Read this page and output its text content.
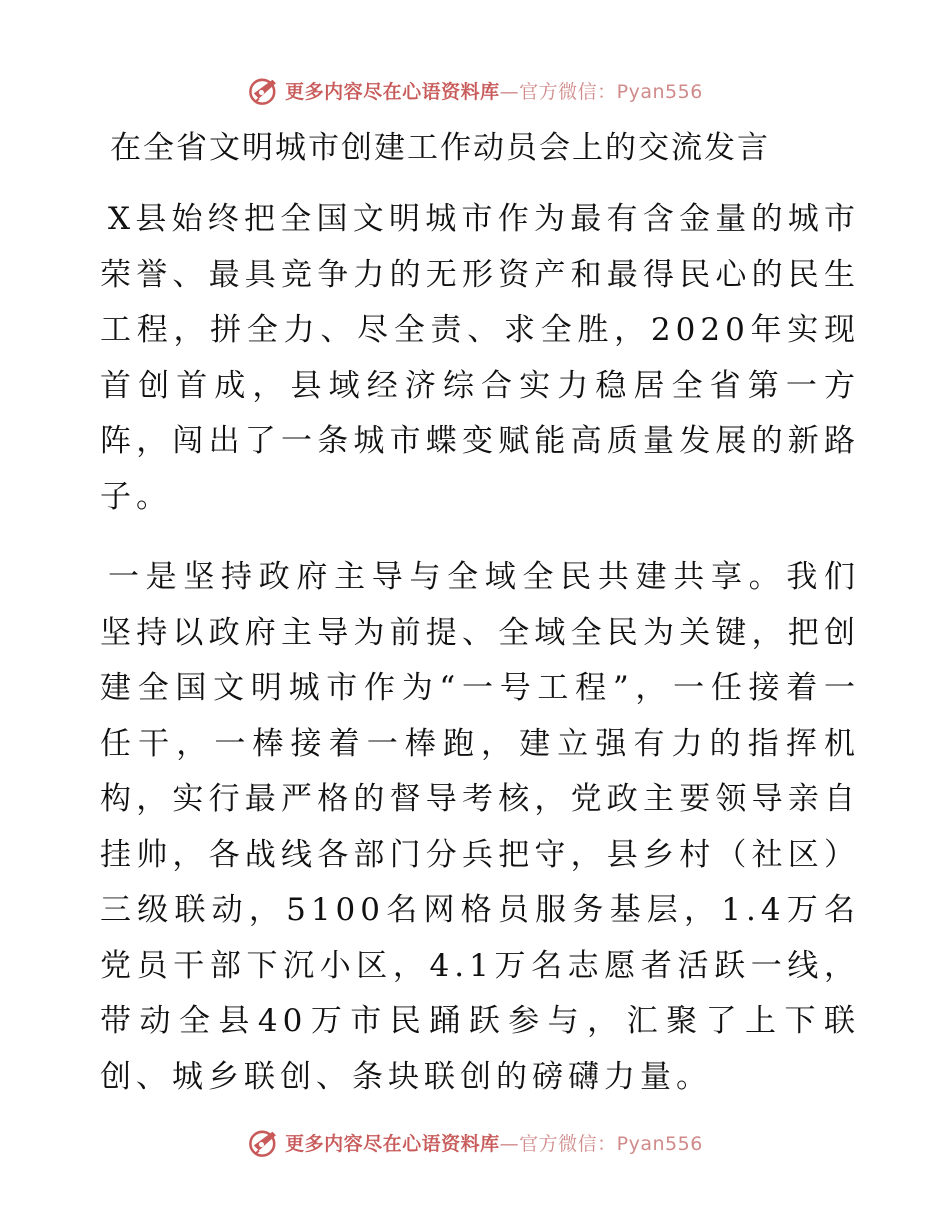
更多内容尽在心语资料库 —官方微信：Pyan556
在全省文明城市创建工作动员会上的交流发言

X县始终把全国文明城市作为最有含金量的城市荣誉、最具竞争力的无形资产和最得民心的民生工程，拼全力、尽全责、求全胜，2020年实现首创首成，县域经济综合实力稳居全省第一方阵，闯出了一条城市蝶变赋能高质量发展的新路子。

一是坚持政府主导与全域全民共建共享。我们坚持以政府主导为前提、全域全民为关键，把创建全国文明城市作为“一号工程”，一任接着一任干，一棒接着一棒跑，建立强有力的指挥机构，实行最严格的督导考核，党政主要领导亲自挂帅，各战线各部门分兵把守，县乡村（社区）三级联动，5100名网格员服务基层，1.4万名党员干部下沉小区，4.1万名志愿者活跃一线，带动全县40万市民踊跃参与，汇聚了上下联创、城乡联创、条块联创的磅礴力量。

更多内容尽在心语资料库 —官方微信：Pyan556
